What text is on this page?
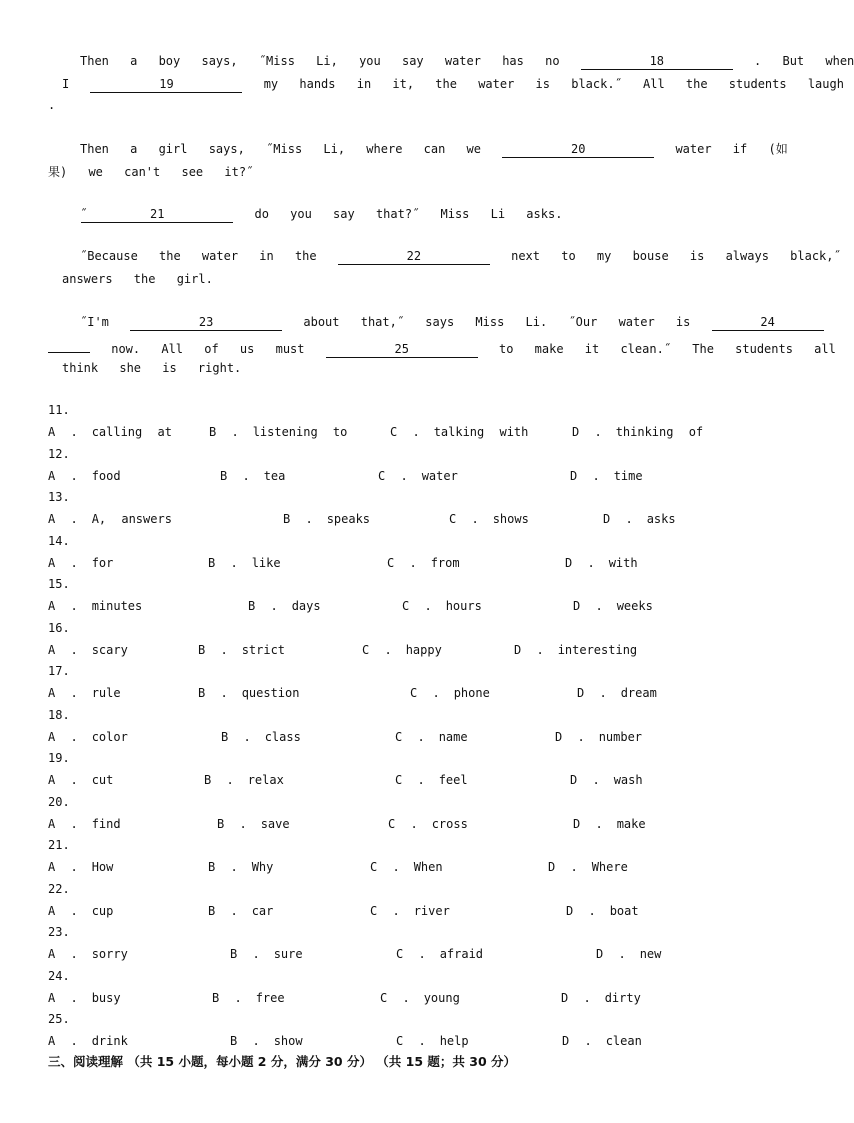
Then a boy says, ˝Miss Li, you say water has no	18	. But when
I	19	my hands in it, the water is black.˝ All the students laugh
.
Then a girl says, ˝Miss Li, where can we	20	water if (如
果) we can't see it?˝
˝	21	do you say that?˝ Miss Li asks.
˝Because the water in the	22	next to my bouse is always black,˝
answers the girl.
˝I'm	23	about that,˝ says Miss Li. ˝Our water is	24
now. All of us must	25	to make it clean.˝ The students all
think she is right.
11.
A . calling at	B . listening to	C . talking with	D . thinking of
12.
A . food	B . tea	C . water	D . time
13.
A . A, answers	B . speaks	C . shows	D . asks
14.
A . for	B . like	C . from	D . with
15.
A . minutes	B . days	C . hours	D . weeks
16.
A . scary	B . strict	C . happy	D . interesting
17.
A . rule	B . question	C . phone	D . dream
18.
A . color	B . class	C . name	D . number
19.
A . cut	B . relax	C . feel	D . wash
20.
A . find	B . save	C . cross	D . make
21.
A . How	B . Why	C . When	D . Where
22.
A . cup	B . car	C . river	D . boat
23.
A . sorry	B . sure	C . afraid	D . new
24.
A . busy	B . free	C . young	D . dirty
25.
A . drink	B . show	C . help	D . clean
三、阅读理解 （共 15 小题，每小题 2 分，满分 30 分） （共 15 题；共 30 分）
